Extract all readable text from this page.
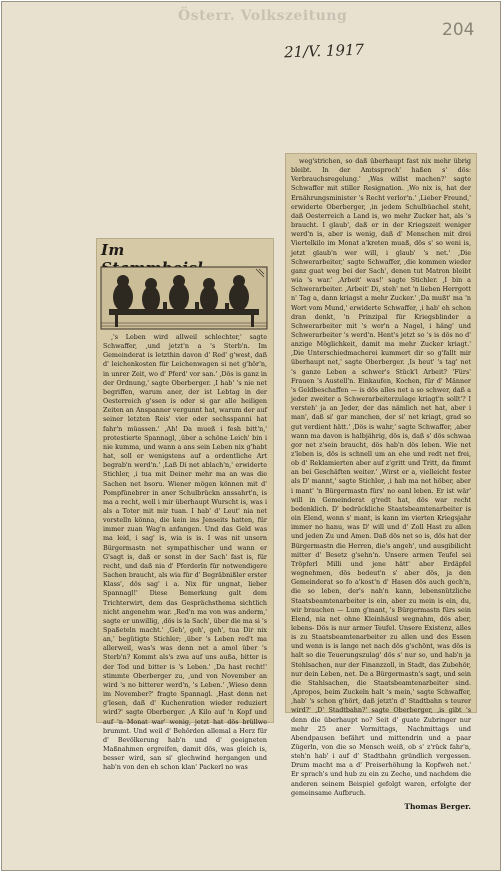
Österr. Volkszeitung
204
21/V. 1917
Im
,'s Leben wird allweil schlechter,' sagte Schwaffer, ,und jetzt'n a 's Sterb'n. Im Gemeinderat is letzthin davon d' Red' g'west, daß d' leichenkosten für Leichenwagen si net g'hör'n, in unrer Zeit, wo d' Pferd' vor san.' ,Dös is ganz in der Ordnung,' sagte Oberberger. ,I hab' 's nie net begriffen, warum aner, der ist Lebtag in der Oesterreich g'ssen is oder si gar alle heiligen Zeiten an Anspanner vergunnt hat, warum der auf seiner letzten Reis' vier oder sechsspanni hat fahr'n müassen.' ,Ah! Da mueß i fesh bitt'n,' protestierte Spannagl, ,über a schöne Leich' bin i nie kumma, und wann a ans sein Leben nix g'habt hat, soll er wenigstens auf a ordentliche Art begrab'n werd'n.' ,Laß Di net ablach'n,' erwiderte Stichler, ,i tua mit Deiner mehr ma an was die Sachen net bsoru. Wiener mögen können mit d' Pompfünebrer in aner Schulbrückn anssahrt'n, is ma a recht, well i mir überhaupt Wurscht is, was i als a Toter mit mir tuan. I hab' d' Leut' nia net vorstelln könna, die kein ins Jenseits hatten, für immer zuan Wag'n anfangen. Und das Geld was ma leid, i sag' is, wia is is. I was nit unsern Bürgermastn net sympathischer und wann er G'sagt is, daß er sonst in der Sach' fast is, für recht, und daß nia d' Pferderln für notwendigere Sachen braucht, als wia für d' Begräbnißler erster Klass', dös sag' i a. Nix für ungnat, lieber Spannagl!' Diese Bemerkung galt dem Trichterwirt, dem das Gesprächsthema sichtlich nicht angenehm war. ,Red'n ma von was anderm,' sagte er unwillig, ,dös is la Sach', über die ma si 's Spaßeteln macht.' ,Geh', geh', geh', tua Dir nix an,' begütigte Stichler; ,über 's Leben red't ma allerweil, was's was denn net a amol über 's Sterb'n? Kommt als's zwa auf uns außa, bitter is der Tod und bitter is 's Leben.' ,Da hast recht!' stimmte Oberberger zu, ,und von November an wird 's no bitterer werd'n, 's Leben.' ,Wieso denn im November?' fragte Spannagl. ,Hast denn net g'lesen, daß d' Kuchenration wieder reduziert wird?' sagte Oberberger. ,A Kilo auf 'n Kopf und auf 'n Monat war' wenig, jetzt hat dös brüllwe brummt. Und weil d' Behörden allemal a Herz für d' Bevölkerung hab'n und d' geeigneten Maßnahmen ergreifen, damit dös, was gleich is, besser wird, san si' glechwind hergangen und hab'n von den eh schon klan' Packerl no was
weg'strichen, so daß überhaupt fast nix mehr übrig bleibt. In der Amtssproch' haßen s' dös: Verbrauchsregelung.' ,Was willst machen?' sagte Schwaffer mit stiller Resignation. ,Wo nix is, hat der Ernährungsminister 's Recht verlor'n.' ,Lieber Freund,' erwiderte Oberberger, ,in jedem Schulbüachel steht, daß Oesterreich a Land is, wo mehr Zucker hat, als 's braucht. I glaub', daß er in der Kriegszeit weniger werd'n is, aber is wenig, daß d' Menschen mit drei Viertelkilo im Monat a'kreten muaß, dös s' so weni is, jetzt glaub'n wer will, i glaub' 's net.' ,Die Schwerarbeiter,' sagte Schwaffer, ,die kommen wieder ganz guat weg bei der Sach', denen tut Matron bleibt wia 's war.' ,Arbeit' was!' sagte Stichler. ,I bin a Schwerarbeiter. ,Arbeit' Di, steh' net 'n lieben Herrgott n' Tag a, dann kriagst a mehr Zucker.' ,Da mußt' ma 'n Wort vom Mund,' erwiderte Schwaffer, ,i hab' eh schon dran denkt, 'n Prinzipal für Kriegsblinder a Schwerarbeiter mit 's wer'n a Nagel, i häng' und Schwerarbeiter 's werd'n. Hent's jetzt so 's is dös no d' anzige Möglichkeit, damit ma mehr Zucker kriagt.' ,Die Unterschiedmacherei kummert dir so g'fallt mir überhaupt net,' sagte Oberberger. ,Is heut' 's tag' net 's ganze Leben a schwer's Stück'l Arbeit? 'Fürs' Frauen 's Austell'n. Einkaufen, Kochen, für d' Männer 's Geldbeschaffen — is dös alles net a so schwer, daß a jeder zweiter a Schwerarbeiterzulage kriagt'n sollt'? I versteh' ja an Jeder, der das nämlich net hat, aber i man', daß si' gar manchen, der si' net kriagt, grad so gut verdient hätt.' ,Dös is wahr,' sagte Schwaffer, ,aber wann ma davon is halbjährig, dös is, daß s' dös schwaa gor net z'sein braucht, dös hab'n dös leben. Wie net z'leben is, dös is schnell um an ehe und redt net frei, ob d' Reklamierten aber auf z'gritt und Tritt, da fimmt an bei Geschäften weiter.' ,Wirst er a, vielleicht fester als D' mannt,' sagte Stichler, ,i hab ma net höber, aber i mant' 'n Bürgermastn fürs' no eanl leben. Er ist wär' will in Gemeinderat g'redt hat, dös war recht bedenklich. D' bedrückliche Staatsbeamtenarbeiter is ein Elend, wenn s' mant, is kann im vierten Kriegsjahr immer no hanu, was D' will und d' Zoll Hast zu allen und jeden Zu und Amen. Daß dös net so is, dös hat der Bürgermastn die Herren, die's angeh', und ausgibilicht mitter d' Besetz g'sehn'n. Unsere armen Teufel sei Tröpferl Milli und jene hätt' aber Erdäpfel wegnehmen, dös bedeut'n s' aber dös, ja den Gemeinderat so fo a'kost'n d' Hasen dös auch gech'n, die so leben, der's nah'n kann, lebensnützliche Staatsbeamtenarbeiter is ein, aber zu mein is ein, du, wir brauchen — Lum g'mant, 's Bürgermastn fürs sein Elend, nia net ohne Kleinhäusl wegnahm, dös aber, lebens- Dös is nur armer Teufel. Unsere Existenz, alles is zu Staatsbeamtenarbeiter zu allen und des Essen und wenn is is lange net nach dös g'schönt, was dös is halt so die Teuerungszulag' dös s' nur so, und hab'n ja Stehlsachen, nur der Finanzzoll, in Stadt, das Zubehör, nur dein Leben, net. De a Bürgermastn's sagt, und sein die Stahlsachen, die Staatsbeamtenarbeiter sind. ,Apropos, beim Zuckeln halt 's mein,' sagte Schwaffer, ,hab' 's schon g'hört, daß jetzt'n d' Stadtbahn s teurer wird?' ,D' Stadtbahn?' sagte Oberberger, ,is gibt 's denn die überhaupt no? Seit d' guate Zubringer nur mehr 25 aner Vormittags, Nachmittags und Abendpausen befährt und mittendrin und a paar Zügerln, von die so Mensch weiß, ob s' z'rück fahr'n, steh'n hab' i auf d' Stadtbahn gründlich vergessen. Drum macht ma a d' Preiserhöhung la Kopfweh net.' Er sprach's und hub zu ein zu Zeche, und nachdem die anderen seinem Beispiel gefolgt waren, erfolgte der gemeinsame Aufbruch.
Thomas Berger.
